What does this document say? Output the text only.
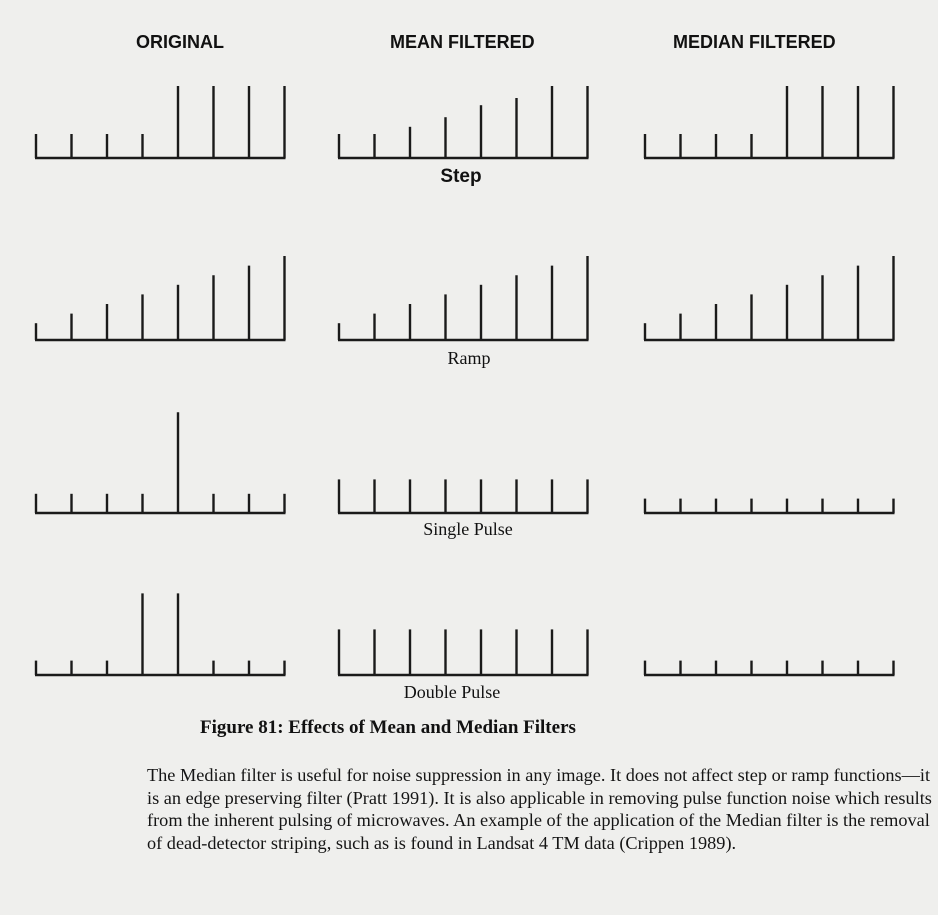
ORIGINAL	MEAN FILTERED	MEDIAN FILTERED
Step
Ramp
Single Pulse
Double Pulse
Figure 81: Effects of Mean and Median Filters

The Median filter is useful for noise suppression in any image. It does not affect step or ramp functions—it is an edge preserving filter (Pratt 1991). It is also applicable in removing pulse function noise which results from the inherent pulsing of microwaves. An example of the application of the Median filter is the removal of dead-detector striping, such as is found in Landsat 4 TM data (Crippen 1989).
